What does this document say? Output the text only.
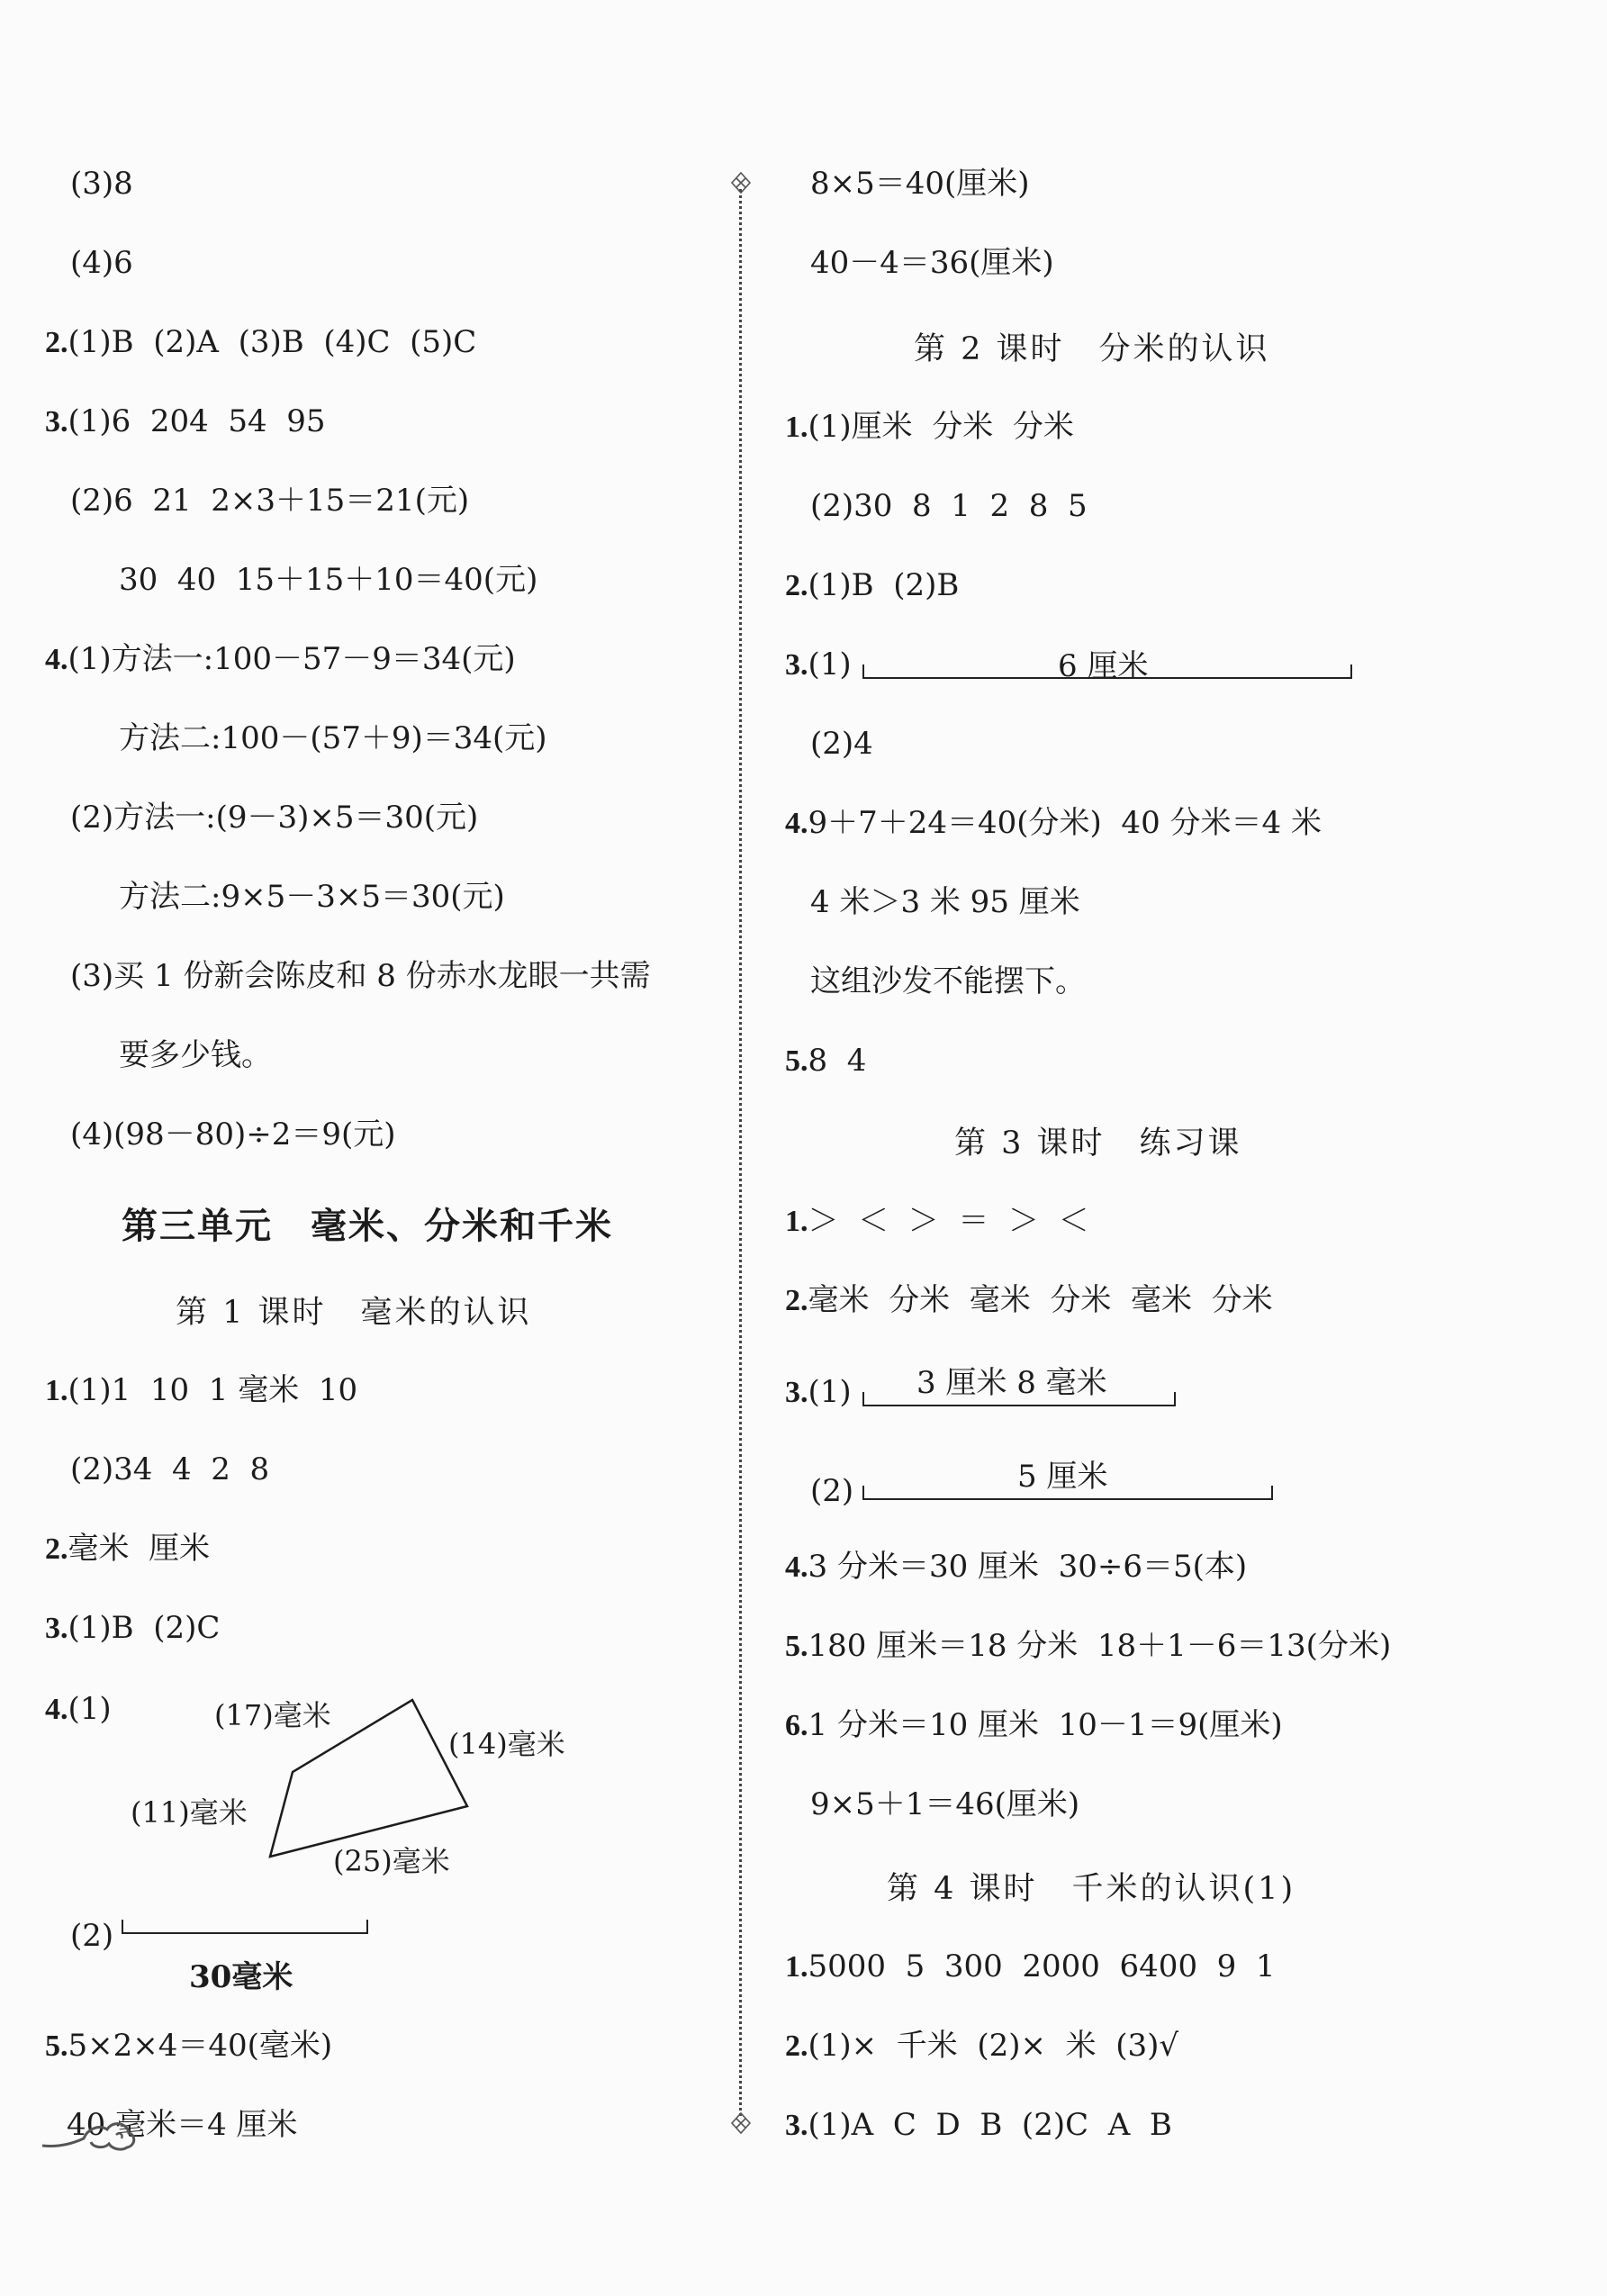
(3)8
(4)6
2.(1)B  (2)A  (3)B  (4)C  (5)C
3.(1)6  204  54  95
(2)6  21  2×3＋15＝21(元)
30  40  15＋15＋10＝40(元)
4.(1)方法一:100－57－9＝34(元)
方法二:100－(57＋9)＝34(元)
(2)方法一:(9－3)×5＝30(元)
方法二:9×5－3×5＝30(元)
(3)买 1 份新会陈皮和 8 份赤水龙眼一共需
要多少钱。
(4)(98－80)÷2＝9(元)
第三单元　毫米、分米和千米
第 1 课时　毫米的认识
1.(1)1  10  1 毫米  10
(2)34  4  2  8
2.毫米  厘米
3.(1)B  (2)C
4.(1)	(17)毫米
(14)毫米
(11)毫米
(25)毫米
(2)
30毫米
5.5×2×4＝40(毫米)
40 毫米＝4 厘米
8×5＝40(厘米)
40－4＝36(厘米)
第 2 课时　分米的认识
1.(1)厘米  分米  分米
(2)30  8  1  2  8  5
2.(1)B  (2)B
3.(1)	6 厘米
(2)4
4.9＋7＋24＝40(分米)  40 分米＝4 米
4 米＞3 米 95 厘米
这组沙发不能摆下。
5.8  4
第 3 课时　练习课
1.＞  ＜  ＞  ＝  ＞  ＜
2.毫米  分米  毫米  分米  毫米  分米
3.(1) 3 厘米 8 毫米
(2)	5 厘米
4.3 分米＝30 厘米  30÷6＝5(本)
5.180 厘米＝18 分米  18＋1－6＝13(分米)
6.1 分米＝10 厘米  10－1＝9(厘米)
9×5＋1＝46(厘米)
第 4 课时　千米的认识(1)
1.5000  5  300  2000  6400  9  1
2.(1)×  千米  (2)×  米  (3)√
3.(1)A  C  D  B  (2)C  A  B
